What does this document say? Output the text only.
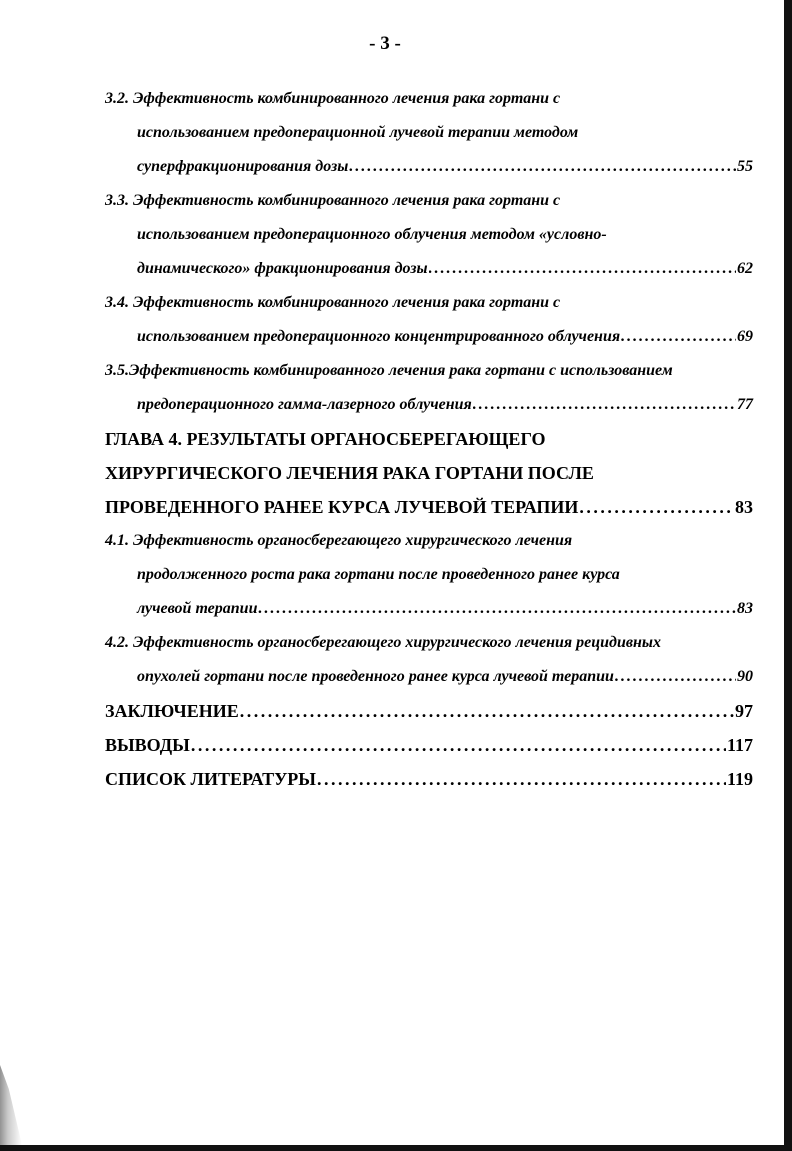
- 3 -
3.2. Эффективность комбинированного лечения рака гортани с
использованием предоперационной лучевой терапии методом
суперфракционирования дозы . . .	55
3.3. Эффективность комбинированного лечения рака гортани с
использованием предоперационного облучения методом «условно-
динамического» фракционирования дозы . . .	62
3.4. Эффективность комбинированного лечения рака гортани с
использованием предоперационного концентрированного облучения . . .	69
3.5.Эффективность комбинированного лечения рака гортани с использованием
предоперационного гамма-лазерного облучения . . .	77
ГЛАВА 4. РЕЗУЛЬТАТЫ ОРГАНОСБЕРЕГАЮЩЕГО
ХИРУРГИЧЕСКОГО ЛЕЧЕНИЯ РАКА ГОРТАНИ ПОСЛЕ
ПРОВЕДЕННОГО РАНЕЕ КУРСА ЛУЧЕВОЙ ТЕРАПИИ . . .	83
4.1. Эффективность органосберегающего хирургического лечения
продолженного роста рака гортани после проведенного ранее курса
лучевой терапии . . .	83
4.2. Эффективность органосберегающего хирургического лечения рецидивных
опухолей гортани после проведенного ранее курса лучевой терапии . . .	90
ЗАКЛЮЧЕНИЕ . . .	97
ВЫВОДЫ . . .	117
СПИСОК ЛИТЕРАТУРЫ . . .	119
